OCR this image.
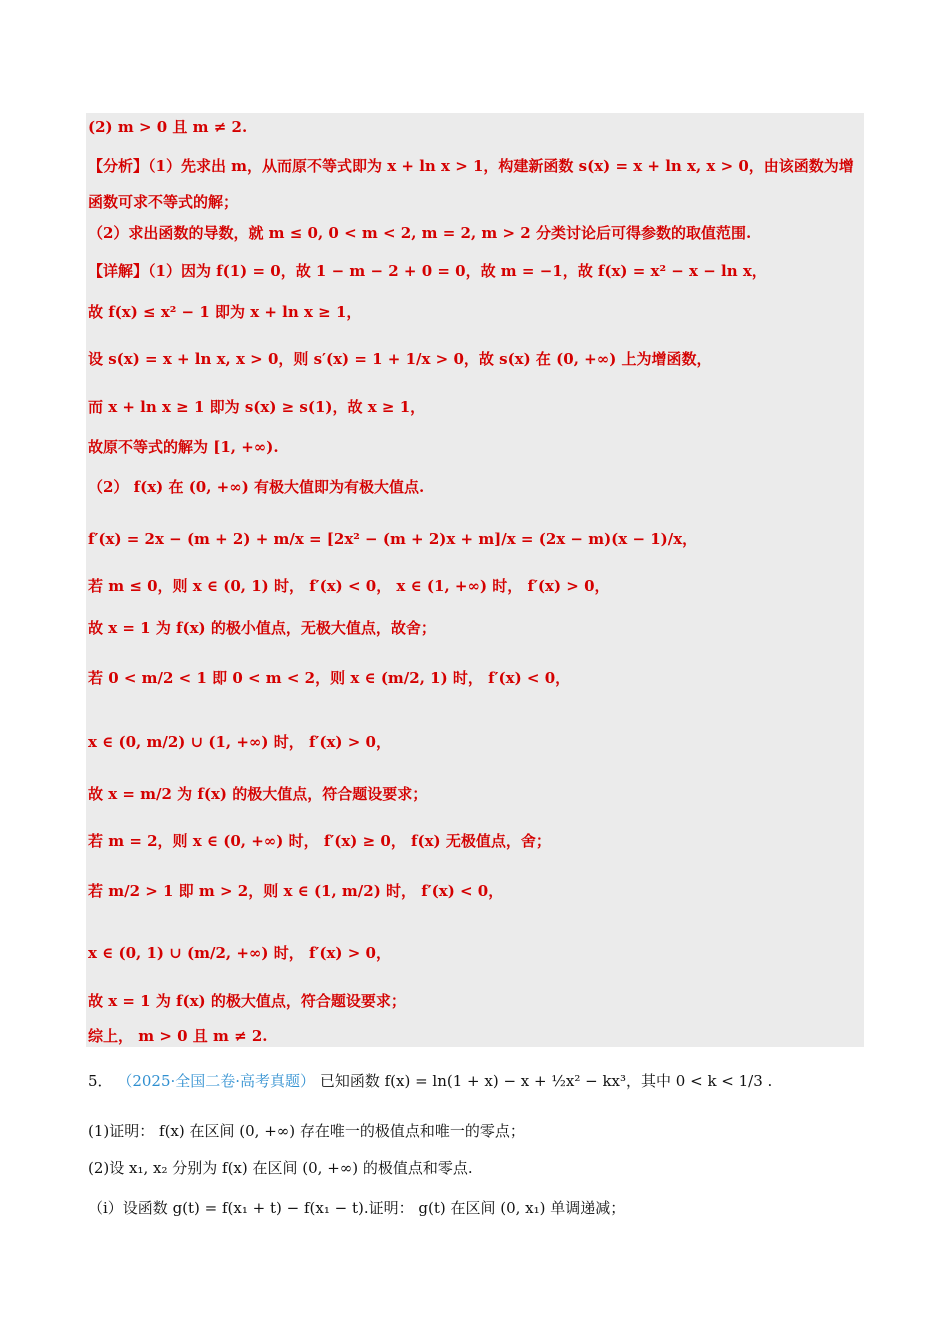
(2) m > 0 且 m ≠ 2.
【分析】（1）先求出 m，从而原不等式即为 x + ln x > 1，构建新函数 s(x) = x + ln x, x > 0，由该函数为增
函数可求不等式的解；
（2）求出函数的导数，就 m ≤ 0, 0 < m < 2, m = 2, m > 2 分类讨论后可得参数的取值范围.
【详解】（1）因为 f(1) = 0，故 1 − m − 2 + 0 = 0，故 m = −1，故 f(x) = x² − x − ln x，
故 f(x) ≤ x² − 1 即为 x + ln x ≥ 1，
设 s(x) = x + ln x, x > 0，则 s′(x) = 1 + 1/x > 0，故 s(x) 在 (0, +∞) 上为增函数，
而 x + ln x ≥ 1 即为 s(x) ≥ s(1)，故 x ≥ 1，
故原不等式的解为 [1, +∞).
（2） f(x) 在 (0, +∞) 有极大值即为有极大值点.
f′(x) = 2x − (m + 2) + m/x = [2x² − (m + 2)x + m]/x = (2x − m)(x − 1)/x，
若 m ≤ 0，则 x ∈ (0, 1) 时， f′(x) < 0， x ∈ (1, +∞) 时， f′(x) > 0，
故 x = 1 为 f(x) 的极小值点，无极大值点，故舍；
若 0 < m/2 < 1 即 0 < m < 2，则 x ∈ (m/2, 1) 时， f′(x) < 0，
x ∈ (0, m/2) ∪ (1, +∞) 时， f′(x) > 0，
故 x = m/2 为 f(x) 的极大值点，符合题设要求；
若 m = 2，则 x ∈ (0, +∞) 时， f′(x) ≥ 0， f(x) 无极值点，舍；
若 m/2 > 1 即 m > 2，则 x ∈ (1, m/2) 时， f′(x) < 0，
x ∈ (0, 1) ∪ (m/2, +∞) 时， f′(x) > 0，
故 x = 1 为 f(x) 的极大值点，符合题设要求；
综上， m > 0 且 m ≠ 2.
5． （2025·全国二卷·高考真题） 已知函数 f(x) = ln(1 + x) − x + ½x² − kx³，其中 0 < k < 1/3 .
(1)证明： f(x) 在区间 (0, +∞) 存在唯一的极值点和唯一的零点；
(2)设 x₁, x₂ 分别为 f(x) 在区间 (0, +∞) 的极值点和零点.
（i）设函数 g(t) = f(x₁ + t) − f(x₁ − t).证明： g(t) 在区间 (0, x₁) 单调递减；
